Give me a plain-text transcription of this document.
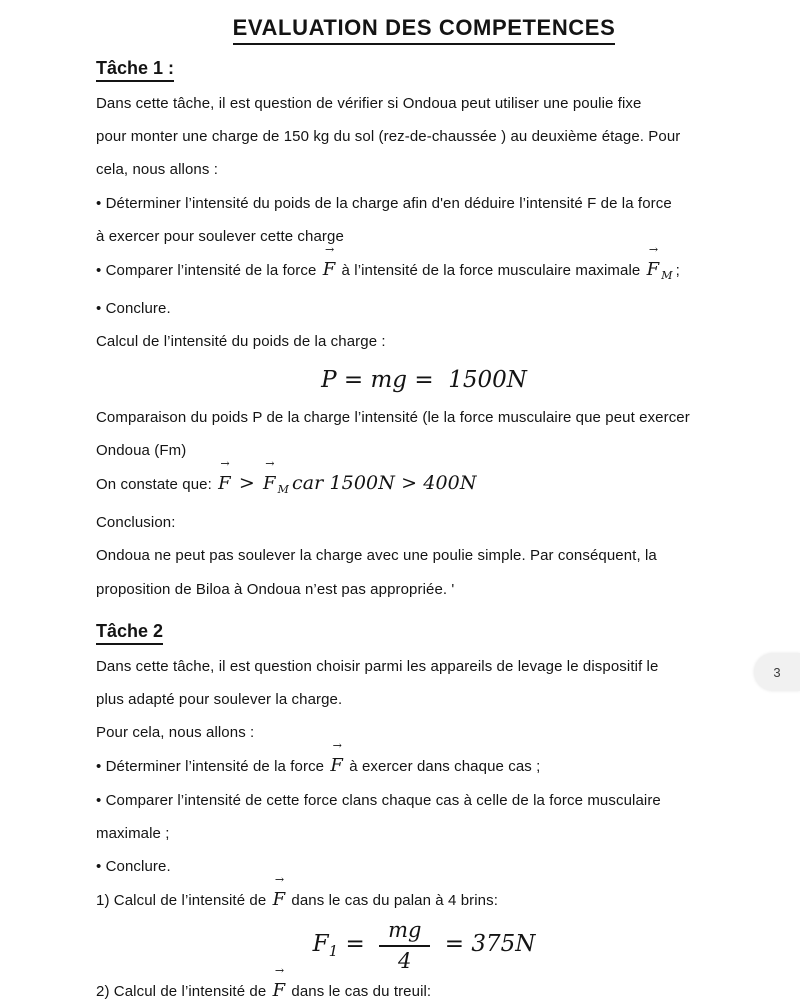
EVALUATION DES COMPETENCES
Tâche 1 :
Dans cette tâche, il est question de vérifier si Ondoua peut utiliser une poulie fixe
pour monter une charge de 150 kg du sol (rez-de-chaussée ) au deuxième étage. Pour
cela, nous allons :
• Déterminer l’intensité du poids de la charge afin d'en déduire l’intensité F de la force
à exercer pour soulever cette charge
• Comparer l’intensité de la force
→
F à l’intensité de la force musculaire maximale
→
F $_M$ ;
• Conclure.
Calcul de l’intensité du poids de la charge :
P = mg =  1500N
Comparaison du poids P de la charge l’intensité (le la force musculaire que peut exercer
Ondoua (Fm)
On constate que:
→
F >
→
F $_M$ car 1500N > 400N
Conclusion:
Ondoua ne peut pas soulever la charge avec une poulie simple. Par conséquent, la
proposition de Biloa à Ondoua n’est pas appropriée. '
Tâche 2
Dans cette tâche, il est question choisir parmi les appareils de levage le dispositif le
plus adapté pour soulever la charge.
Pour cela, nous allons :
• Déterminer l’intensité de la force
→
F à exercer dans chaque cas ;
• Comparer l’intensité de cette force clans chaque cas à celle de la force musculaire
maximale ;
• Conclure.
1) Calcul de l’intensité de
→
F dans le cas du palan à 4 brins:
$F_1 = \frac{mg}{4} = 375N$
2) Calcul de l’intensité de
→
F dans le cas du treuil:
3
